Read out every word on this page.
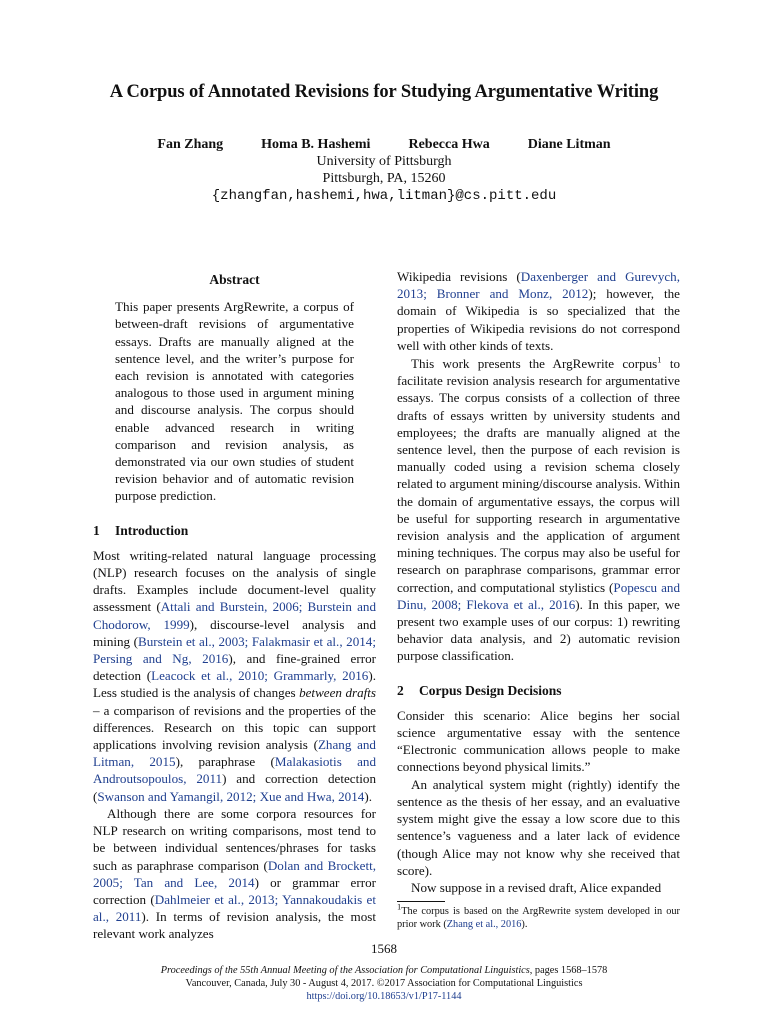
A Corpus of Annotated Revisions for Studying Argumentative Writing
Fan Zhang	Homa B. Hashemi	Rebecca Hwa	Diane Litman
University of Pittsburgh
Pittsburgh, PA, 15260
{zhangfan,hashemi,hwa,litman}@cs.pitt.edu
Abstract

This paper presents ArgRewrite, a corpus of between-draft revisions of argumentative essays. Drafts are manually aligned at the sentence level, and the writer’s purpose for each revision is annotated with categories analogous to those used in argument mining and discourse analysis. The corpus should enable advanced research in writing comparison and revision analysis, as demonstrated via our own studies of student revision behavior and of automatic revision purpose prediction.

1 Introduction

Most writing-related natural language processing (NLP) research focuses on the analysis of single drafts. Examples include document-level quality assessment (Attali and Burstein, 2006; Burstein and Chodorow, 1999), discourse-level analysis and mining (Burstein et al., 2003; Falakmasir et al., 2014; Persing and Ng, 2016), and fine-grained error detection (Leacock et al., 2010; Grammarly, 2016). Less studied is the analysis of changes between drafts – a comparison of revisions and the properties of the differences. Research on this topic can support applications involving revision analysis (Zhang and Litman, 2015), paraphrase (Malakasiotis and Androutsopoulos, 2011) and correction detection (Swanson and Yamangil, 2012; Xue and Hwa, 2014).

Although there are some corpora resources for NLP research on writing comparisons, most tend to be between individual sentences/phrases for tasks such as paraphrase comparison (Dolan and Brockett, 2005; Tan and Lee, 2014) or grammar error correction (Dahlmeier et al., 2013; Yannakoudakis et al., 2011). In terms of revision analysis, the most relevant work analyzes

Wikipedia revisions (Daxenberger and Gurevych, 2013; Bronner and Monz, 2012); however, the domain of Wikipedia is so specialized that the properties of Wikipedia revisions do not correspond well with other kinds of texts.

This work presents the ArgRewrite corpus$^1$ to facilitate revision analysis research for argumentative essays. The corpus consists of a collection of three drafts of essays written by university students and employees; the drafts are manually aligned at the sentence level, then the purpose of each revision is manually coded using a revision schema closely related to argument mining/discourse analysis. Within the domain of argumentative essays, the corpus will be useful for supporting research in argumentative revision analysis and the application of argument mining techniques. The corpus may also be useful for research on paraphrase comparisons, grammar error correction, and computational stylistics (Popescu and Dinu, 2008; Flekova et al., 2016). In this paper, we present two example uses of our corpus: 1) rewriting behavior data analysis, and 2) automatic revision purpose classification.

2 Corpus Design Decisions

Consider this scenario: Alice begins her social science argumentative essay with the sentence “Electronic communication allows people to make connections beyond physical limits.”

An analytical system might (rightly) identify the sentence as the thesis of her essay, and an evaluative system might give the essay a low score due to this sentence’s vagueness and a later lack of evidence (though Alice may not know why she received that score).

Now suppose in a revised draft, Alice expanded

$^1$The corpus is based on the ArgRewrite system developed in our prior work (Zhang et al., 2016).
1568
Proceedings of the 55th Annual Meeting of the Association for Computational Linguistics, pages 1568–1578
Vancouver, Canada, July 30 - August 4, 2017. ©2017 Association for Computational Linguistics
https://doi.org/10.18653/v1/P17-1144
